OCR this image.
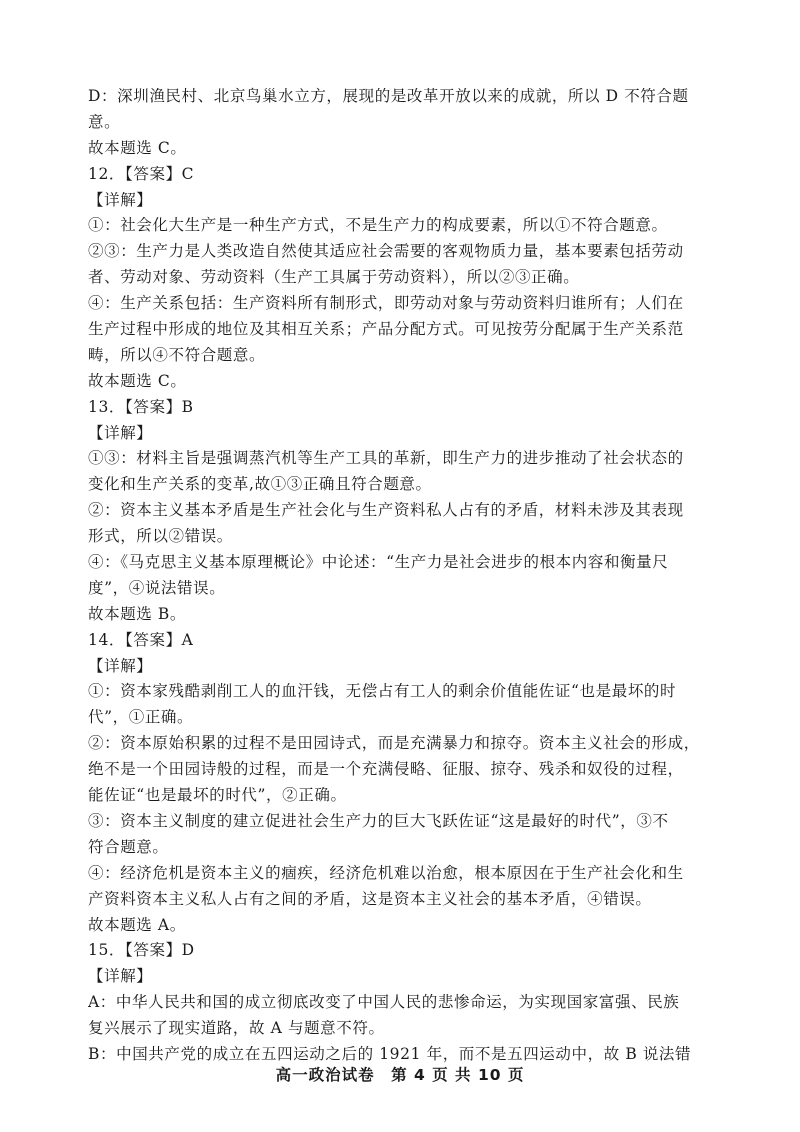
D：深圳渔民村、北京鸟巢水立方，展现的是改革开放以来的成就，所以 D 不符合题
意。
故本题选 C。
12．【答案】C
【详解】
①：社会化大生产是一种生产方式，不是生产力的构成要素，所以①不符合题意。
②③：生产力是人类改造自然使其适应社会需要的客观物质力量，基本要素包括劳动
者、劳动对象、劳动资料（生产工具属于劳动资料），所以②③正确。
④：生产关系包括：生产资料所有制形式，即劳动对象与劳动资料归谁所有；人们在
生产过程中形成的地位及其相互关系；产品分配方式。可见按劳分配属于生产关系范
畴，所以④不符合题意。
故本题选 C。
13．【答案】B
【详解】
①③：材料主旨是强调蒸汽机等生产工具的革新，即生产力的进步推动了社会状态的
变化和生产关系的变革,故①③正确且符合题意。
②：资本主义基本矛盾是生产社会化与生产资料私人占有的矛盾，材料未涉及其表现
形式，所以②错误。
④：《马克思主义基本原理概论》中论述：“生产力是社会进步的根本内容和衡量尺
度”，④说法错误。
故本题选 B。
14．【答案】A
【详解】
①：资本家残酷剥削工人的血汗钱，无偿占有工人的剩余价值能佐证“也是最坏的时
代”，①正确。
②：资本原始积累的过程不是田园诗式，而是充满暴力和掠夺。资本主义社会的形成，
绝不是一个田园诗般的过程，而是一个充满侵略、征服、掠夺、残杀和奴役的过程，
能佐证“也是最坏的时代”，②正确。
③：资本主义制度的建立促进社会生产力的巨大飞跃佐证“这是最好的时代”，③不
符合题意。
④：经济危机是资本主义的痼疾，经济危机难以治愈，根本原因在于生产社会化和生
产资料资本主义私人占有之间的矛盾，这是资本主义社会的基本矛盾，④错误。
故本题选 A。
15．【答案】D
【详解】
A：中华人民共和国的成立彻底改变了中国人民的悲惨命运，为实现国家富强、民族
复兴展示了现实道路，故 A 与题意不符。
B：中国共产党的成立在五四运动之后的 1921 年，而不是五四运动中，故 B 说法错
高一政治试卷　第 4 页 共 10 页
